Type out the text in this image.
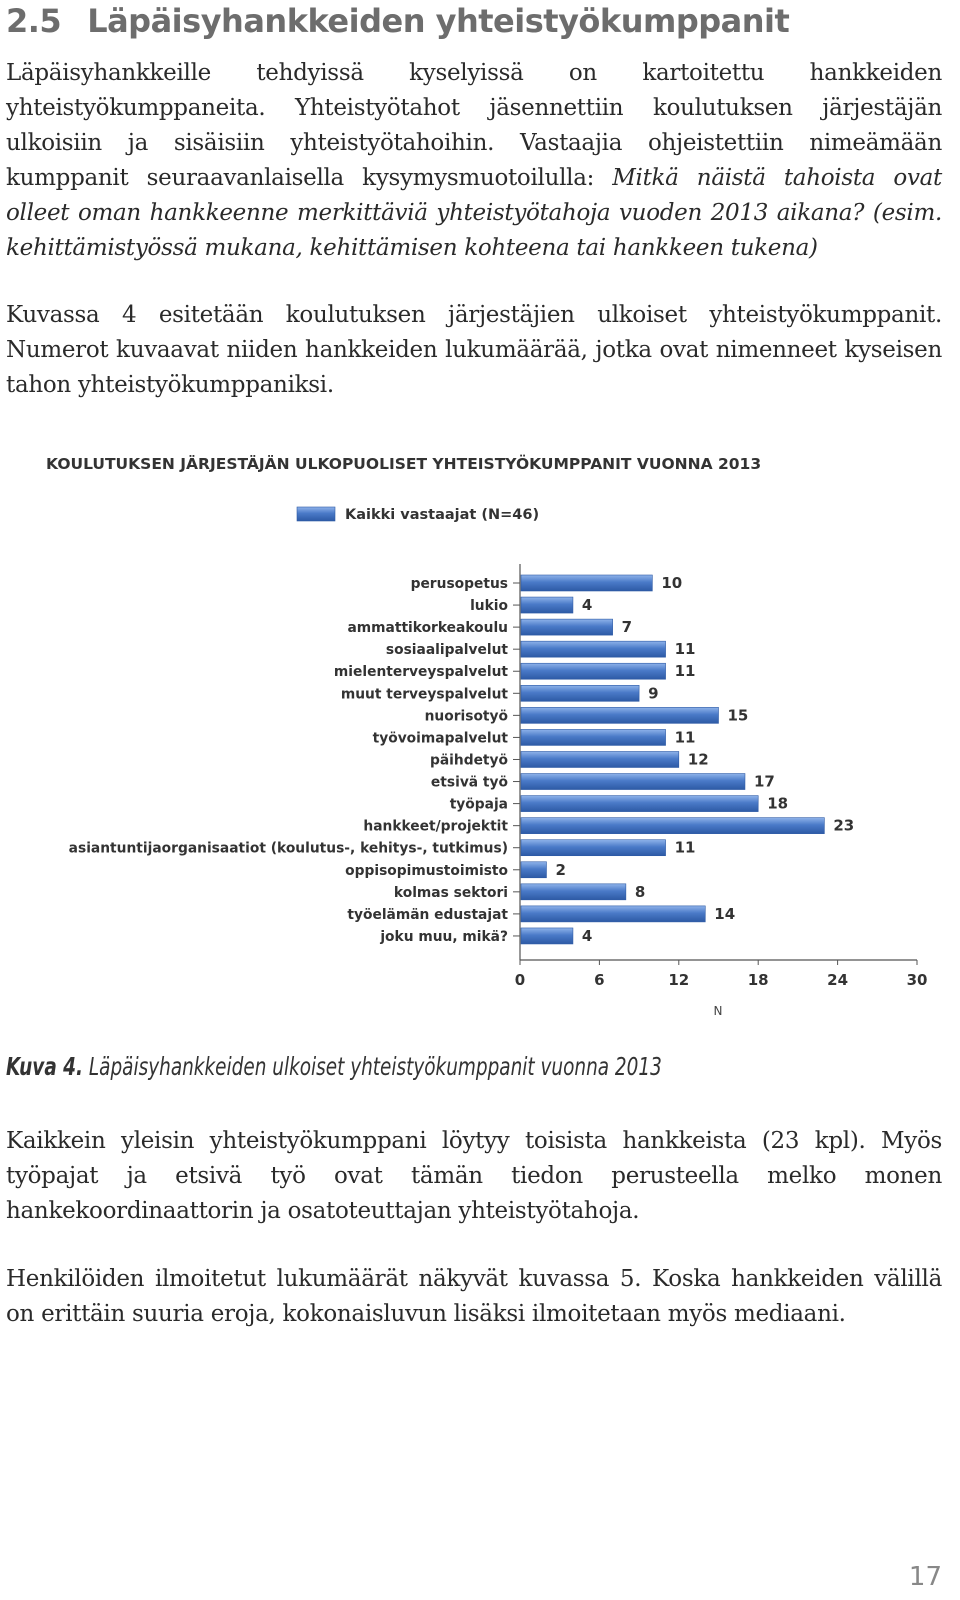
2.5 Läpäisyhankkeiden yhteistyökumppanit

Läpäisyhankkeille tehdyissä kyselyissä on kartoitettu hankkeiden yhteistyökumppaneita. Yhteistyötahot jäsennettiin koulutuksen järjestäjän ulkoisiin ja sisäisiin yhteistyötahoihin. Vastaajia ohjeistettiin nimeämään kumppanit seuraavanlaisella kysymysmuotoilulla: Mitkä näistä tahoista ovat olleet oman hankkeenne merkittäviä yhteistyötahoja vuoden 2013 aikana? (esim. kehittämistyössä mukana, kehittämisen kohteena tai hankkeen tukena)

Kuvassa 4 esitetään koulutuksen järjestäjien ulkoiset yhteistyökumppanit. Numerot kuvaavat niiden hankkeiden lukumäärää, jotka ovat nimenneet kyseisen tahon yhteistyökumppaniksi.

KOULUTUKSEN JÄRJESTÄJÄN ULKOPUOLISET YHTEISTYÖKUMPPANIT VUONNA 2013
Kaikki vastaajat (N=46)
0	6	12	18	24	30
N
perusopetus	10
lukio	4
ammattikorkeakoulu	7
sosiaalipalvelut	11
mielenterveyspalvelut	11
muut terveyspalvelut	9
nuorisotyö	15
työvoimapalvelut	11
päihdetyö	12
etsivä työ	17
työpaja	18
hankkeet/projektit	23
asiantuntijaorganisaatiot (koulutus-, kehitys-, tutkimus)	11
oppisopimustoimisto	2
kolmas sektori	8
työelämän edustajat	14
joku muu, mikä?	4

Kuva 4. Läpäisyhankkeiden ulkoiset yhteistyökumppanit vuonna 2013

Kaikkein yleisin yhteistyökumppani löytyy toisista hankkeista (23 kpl). Myös työpajat ja etsivä työ ovat tämän tiedon perusteella melko monen hankekoordinaattorin ja osatoteuttajan yhteistyötahoja.

Henkilöiden ilmoitetut lukumäärät näkyvät kuvassa 5. Koska hankkeiden välillä on erittäin suuria eroja, kokonaisluvun lisäksi ilmoitetaan myös mediaani.

17
